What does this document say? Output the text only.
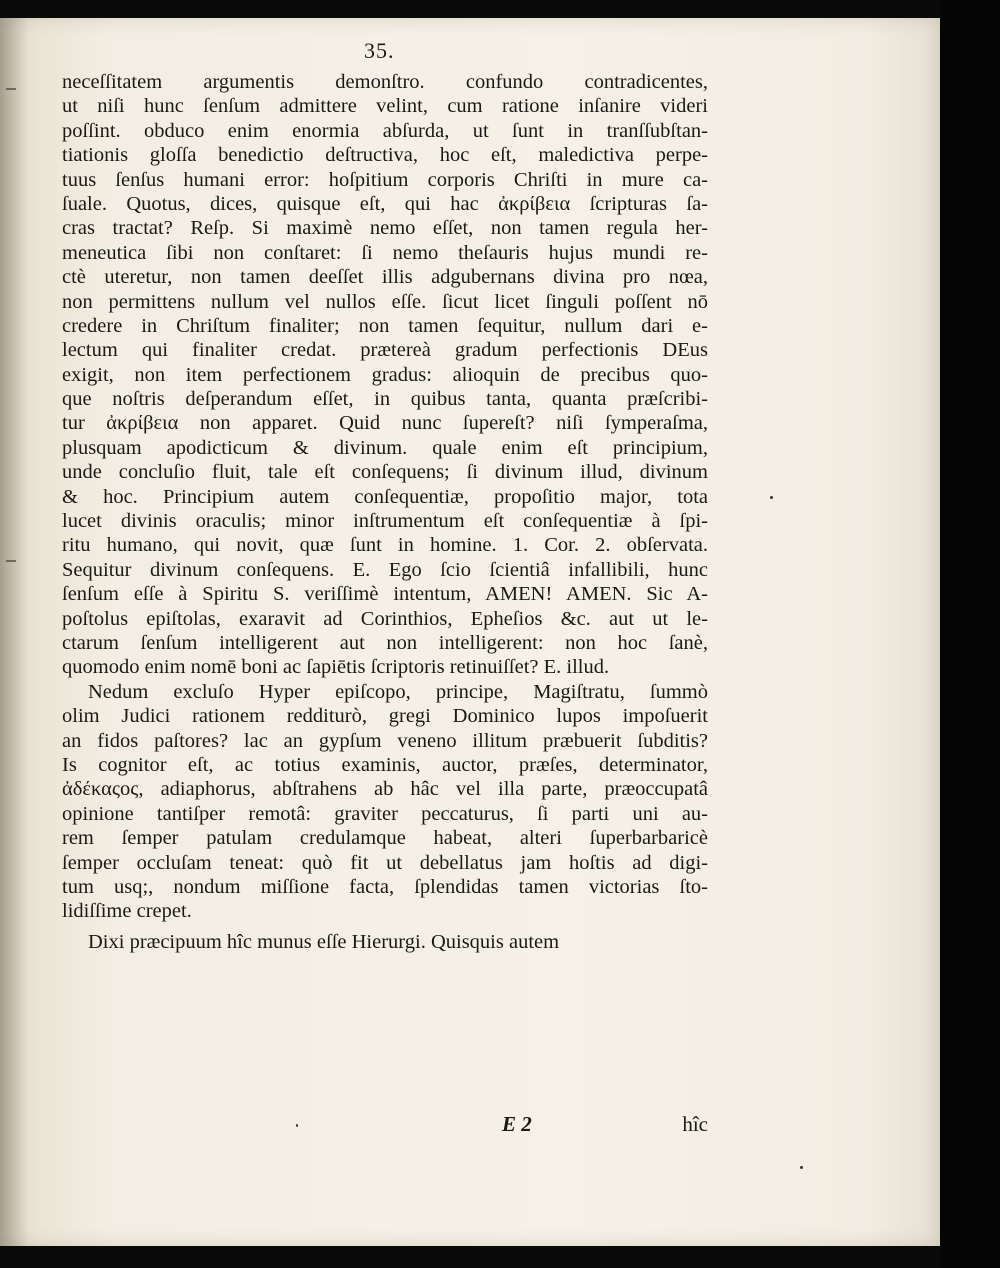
35.
neceſſitatem argumentis demonſtro. confundo contradicentes,
ut niſi hunc ſenſum admittere velint, cum ratione inſanire videri
poſſint. obduco enim enormia abſurda, ut ſunt in tranſſubſtan-
tiationis gloſſa benedictio deſtructiva, hoc eſt, maledictiva perpe-
tuus ſenſus humani error: hoſpitium corporis Chriſti in mure ca-
ſuale. Quotus, dices, quisque eſt, qui hac ἀκρίβεια ſcripturas ſa-
cras tractat? Reſp. Si maximè nemo eſſet, non tamen regula her-
meneutica ſibi non conſtaret: ſi nemo theſauris hujus mundi re-
ctè uteretur, non tamen deeſſet illis adgubernans divina pro nœa,
non permittens nullum vel nullos eſſe. ſicut licet ſinguli poſſent nō
credere in Chriſtum finaliter; non tamen ſequitur, nullum dari e-
lectum qui finaliter credat. prætereà gradum perfectionis DEus
exigit, non item perfectionem gradus: alioquin de precibus quo-
que noſtris deſperandum eſſet, in quibus tanta, quanta præſcribi-
tur ἀκρίβεια non apparet. Quid nunc ſupereſt? niſi ſymperaſma,
plusquam apodicticum & divinum. quale enim eſt principium,
unde concluſio fluit, tale eſt conſequens; ſi divinum illud, divinum
& hoc. Principium autem conſequentiæ, propoſitio major, tota
lucet divinis oraculis; minor inſtrumentum eſt conſequentiæ à ſpi-
ritu humano, qui novit, quæ ſunt in homine. 1. Cor. 2. obſervata.
Sequitur divinum conſequens. E. Ego ſcio ſcientiâ infallibili, hunc
ſenſum eſſe à Spiritu S. veriſſimè intentum, AMEN! AMEN. Sic A-
poſtolus epiſtolas, exaravit ad Corinthios, Epheſios &c. aut ut le-
ctarum ſenſum intelligerent aut non intelligerent: non hoc ſanè,
quomodo enim nomē boni ac ſapiētis ſcriptoris retinuiſſet? E. illud.
Nedum excluſo Hyper epiſcopo, principe, Magiſtratu, ſummò
olim Judici rationem redditurò, gregi Dominico lupos impoſuerit
an fidos paſtores? lac an gypſum veneno illitum præbuerit ſubditis?
Is cognitor eſt, ac totius examinis, auctor, præſes, determinator,
ἀδέκαςος, adiaphorus, abſtrahens ab hâc vel illa parte, præoccupatâ
opinione tantiſper remotâ: graviter peccaturus, ſi parti uni au-
rem ſemper patulam credulamque habeat, alteri ſuperbarbaricè
ſemper occluſam teneat: quò fit ut debellatus jam hoſtis ad digi-
tum usq;, nondum miſſione facta, ſplendidas tamen victorias ſto-
lidiſſime crepet.
Dixi præcipuum hîc munus eſſe Hierurgi. Quisquis autem
E 2	hîc
